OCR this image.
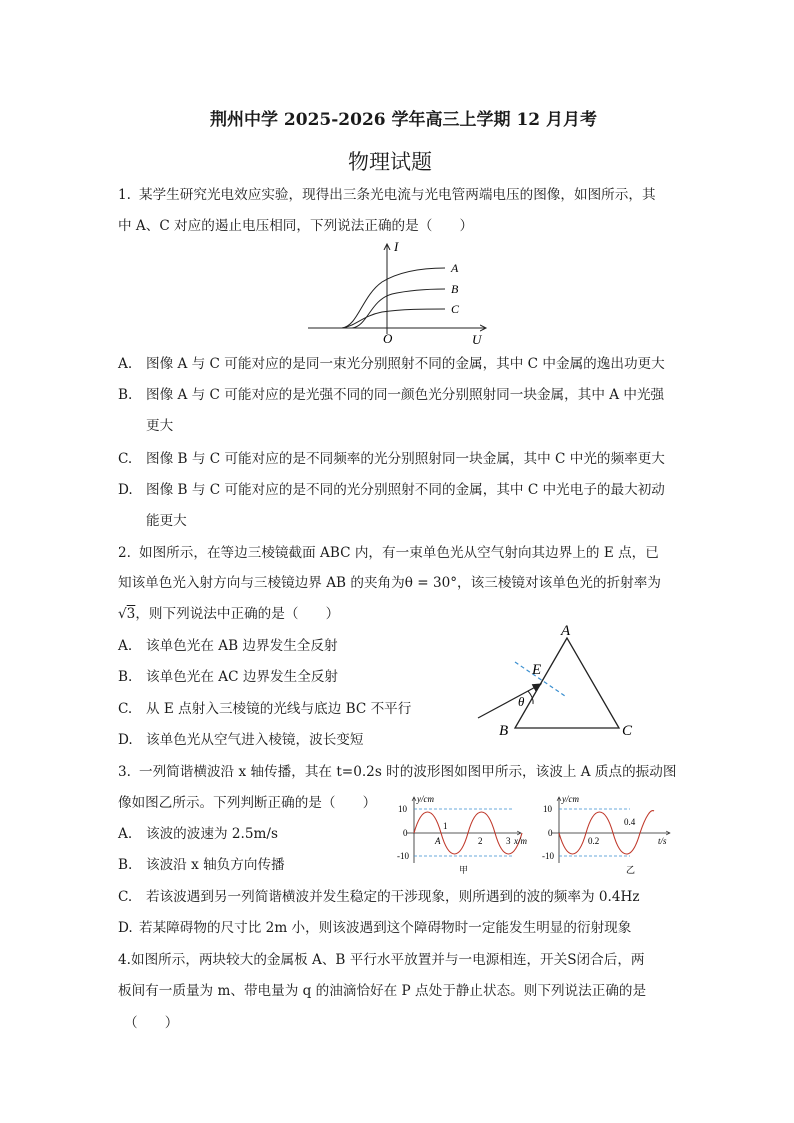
荆州中学 2025-2026 学年高三上学期 12 月月考
物理试题
1. 某学生研究光电效应实验，现得出三条光电流与光电管两端电压的图像，如图所示，其
中 A、C 对应的遏止电压相同，下列说法正确的是（　　）
I
U
O
A
B
C
A. 图像 A 与 C 可能对应的是同一束光分别照射不同的金属，其中 C 中金属的逸出功更大
B. 图像 A 与 C 可能对应的是光强不同的同一颜色光分别照射同一块金属，其中 A 中光强
更大
C. 图像 B 与 C 可能对应的是不同频率的光分别照射同一块金属，其中 C 中光的频率更大
D. 图像 B 与 C 可能对应的是不同的光分别照射不同的金属，其中 C 中光电子的最大初动
能更大
2. 如图所示，在等边三棱镜截面 ABC 内，有一束单色光从空气射向其边界上的 E 点，已
知该单色光入射方向与三棱镜边界 AB 的夹角为θ = 30°，该三棱镜对该单色光的折射率为
√3，则下列说法中正确的是（　　）
A
B	C
E
θ
A. 该单色光在 AB 边界发生全反射
B. 该单色光在 AC 边界发生全反射
C. 从 E 点射入三棱镜的光线与底边 BC 不平行
D. 该单色光从空气进入棱镜，波长变短
3. 一列简谐横波沿 x 轴传播，其在 t=0.2s 时的波形图如图甲所示，该波上 A 质点的振动图
像如图乙所示。下列判断正确的是（　　）	y/cm
10
0
-10
1
2	3 x/m
A
甲
y/cm
10
0
-10
0.2
0.4
t/s
乙
A. 该波的波速为 2.5m/s
B. 该波沿 x 轴负方向传播
C. 若该波遇到另一列简谐横波并发生稳定的干涉现象，则所遇到的波的频率为 0.4Hz
D. 若某障碍物的尺寸比 2m 小，则该波遇到这个障碍物时一定能发生明显的衍射现象
4.如图所示，两块较大的金属板 A、B 平行水平放置并与一电源相连，开关S闭合后，两
板间有一质量为 m、带电量为 q 的油滴恰好在 P 点处于静止状态。则下列说法正确的是
（　　）
